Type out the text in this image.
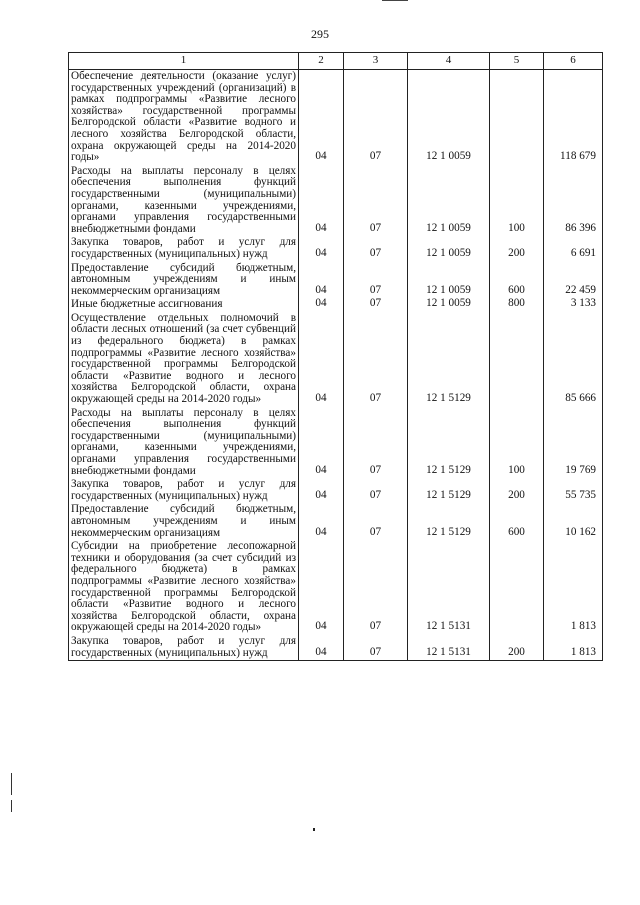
295
1	2	3	4	5	6
Обеспечение деятельности (оказание услуг) государственных учреждений (организаций) в рамках подпрограммы «Развитие лесного хозяйства» государственной программы Белгородской области «Развитие водного и лесного хозяйства Белгородской области, охрана окружающей среды на 2014-2020 годы»	04	07	12 1 0059		118 679
Расходы на выплаты персоналу в целях обеспечения выполнения функций государственными (муниципальными) органами, казенными учреждениями, органами управления государственными внебюджетными фондами	04	07	12 1 0059	100	86 396
Закупка товаров, работ и услуг для государственных (муниципальных) нужд	04	07	12 1 0059	200	6 691
Предоставление субсидий бюджетным, автономным учреждениям и иным некоммерческим организациям	04	07	12 1 0059	600	22 459
Иные бюджетные ассигнования	04	07	12 1 0059	800	3 133
Осуществление отдельных полномочий в области лесных отношений (за счет субвенций из федерального бюджета) в рамках подпрограммы «Развитие лесного хозяйства» государственной программы Белгородской области «Развитие водного и лесного хозяйства Белгородской области, охрана окружающей среды на 2014-2020 годы»	04	07	12 1 5129		85 666
Расходы на выплаты персоналу в целях обеспечения выполнения функций государственными (муниципальными) органами, казенными учреждениями, органами управления государственными внебюджетными фондами	04	07	12 1 5129	100	19 769
Закупка товаров, работ и услуг для государственных (муниципальных) нужд	04	07	12 1 5129	200	55 735
Предоставление субсидий бюджетным, автономным учреждениям и иным некоммерческим организациям	04	07	12 1 5129	600	10 162
Субсидии на приобретение лесопожарной техники и оборудования (за счет субсидий из федерального бюджета) в рамках подпрограммы «Развитие лесного хозяйства» государственной программы Белгородской области «Развитие водного и лесного хозяйства Белгородской области, охрана окружающей среды на 2014-2020 годы»	04	07	12 1 5131		1 813
Закупка товаров, работ и услуг для государственных (муниципальных) нужд	04	07	12 1 5131	200	1 813
